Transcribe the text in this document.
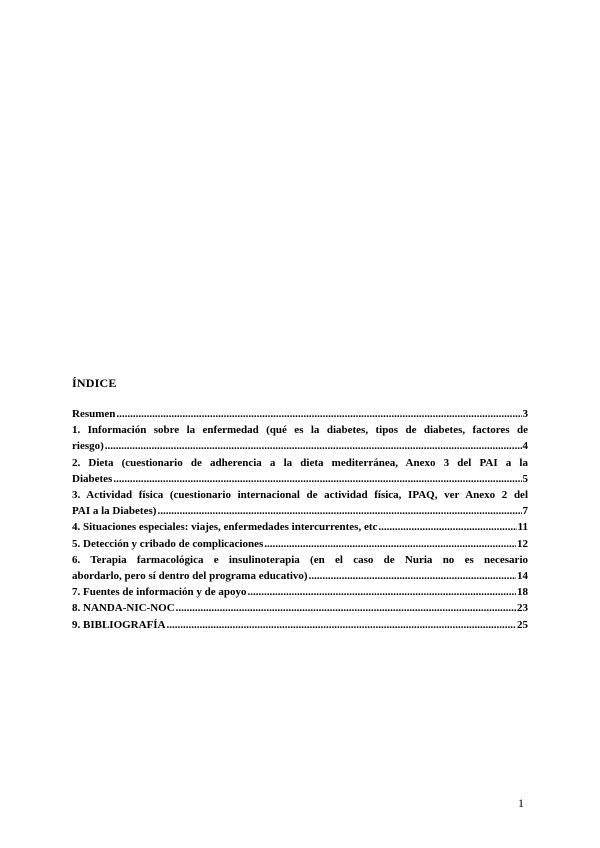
ÍNDICE
Resumen .....	3
1. Información sobre la enfermedad (qué es la diabetes, tipos de diabetes, factores de
riesgo) .....	4
2. Dieta (cuestionario de adherencia a la dieta mediterránea, Anexo 3 del PAI a la
Diabetes .....	5
3. Actividad física (cuestionario internacional de actividad física, IPAQ, ver Anexo 2 del
PAI a la Diabetes) .....	7
4. Situaciones especiales: viajes, enfermedades intercurrentes, etc .....	11
5. Detección y cribado de complicaciones .....	12
6. Terapia farmacológica e insulinoterapia (en el caso de Nuria no es necesario
abordarlo, pero sí dentro del programa educativo) .....	14
7. Fuentes de información y de apoyo .....	18
8. NANDA-NIC-NOC .....	23
9. BIBLIOGRAFÍA .....	25
1
